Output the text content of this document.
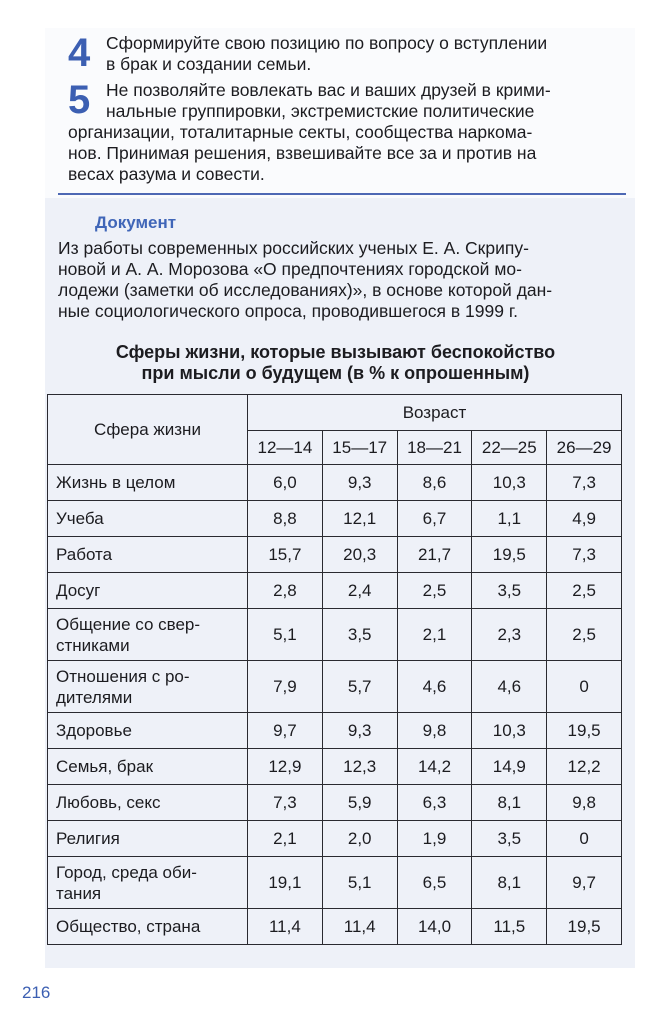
4 Сформируйте свою позицию по вопросу о вступлении
в брак и создании семьи.
5 Не позволяйте вовлекать вас и ваших друзей в крими-
нальные группировки, экстремистские политические
организации, тоталитарные секты, сообщества наркома-
нов. Принимая решения, взвешивайте все за и против на
весах разума и совести.
Документ
Из работы современных российских ученых Е. А. Скрипу-
новой и А. А. Морозова «О предпочтениях городской мо-
лодежи (заметки об исследованиях)», в основе которой дан-
ные социологического опроса, проводившегося в 1999 г.
Сферы жизни, которые вызывают беспокойство
при мысли о будущем (в % к опрошенным)
Сфера жизни	Возраст				
	12—14	15—17	18—21	22—25	26—29

Жизнь в целом	6,0	9,3	8,6	10,3	7,3

Учеба	8,8	12,1	6,7	1,1	4,9

Работа	15,7	20,3	21,7	19,5	7,3

Досуг	2,8	2,4	2,5	3,5	2,5

Общение со свер-
стниками	5,1	3,5	2,1	2,3	2,5

Отношения с ро-
дителями	7,9	5,7	4,6	4,6	0

Здоровье	9,7	9,3	9,8	10,3	19,5

Семья, брак	12,9	12,3	14,2	14,9	12,2

Любовь, секс	7,3	5,9	6,3	8,1	9,8

Религия	2,1	2,0	1,9	3,5	0

Город, среда оби-
тания	19,1	5,1	6,5	8,1	9,7

Общество, страна	11,4	11,4	14,0	11,5	19,5
216
